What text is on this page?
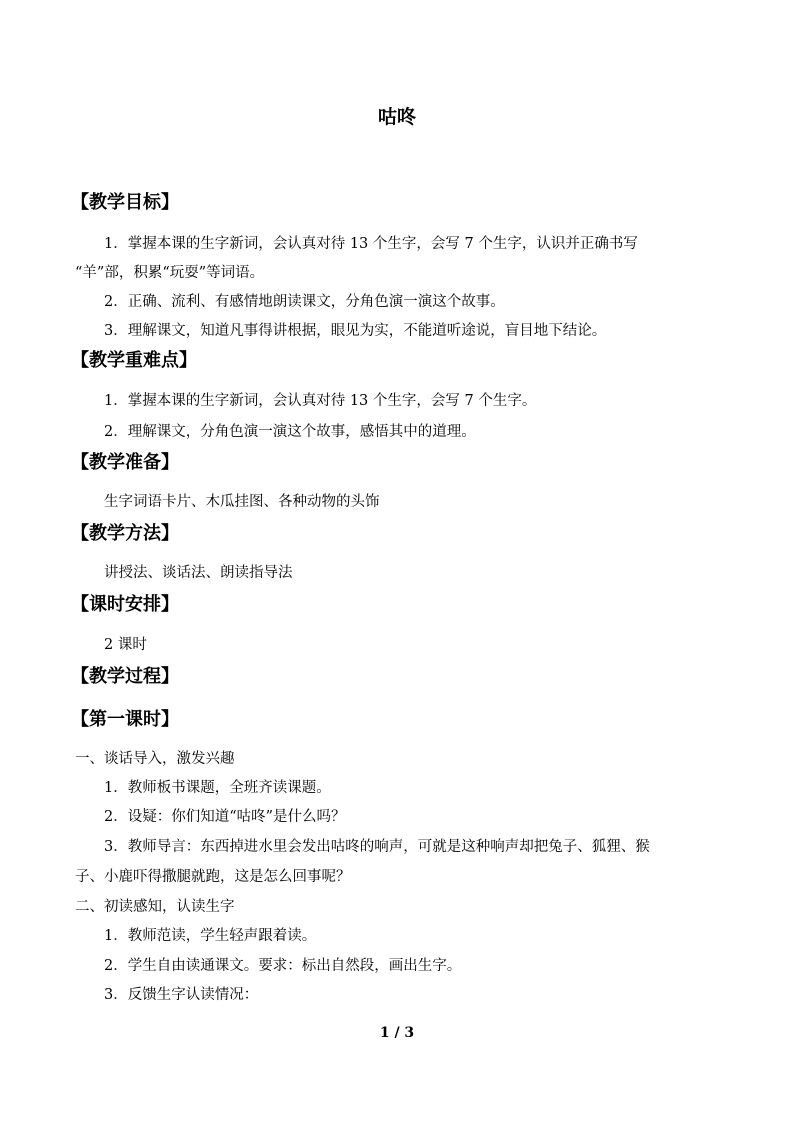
咕咚
【教学目标】
1．掌握本课的生字新词，会认真对待 13 个生字，会写 7 个生字，认识并正确书写
“羊”部，积累“玩耍”等词语。
2．正确、流利、有感情地朗读课文，分角色演一演这个故事。
3．理解课文，知道凡事得讲根据，眼见为实，不能道听途说，盲目地下结论。
【教学重难点】
1．掌握本课的生字新词，会认真对待 13 个生字，会写 7 个生字。
2．理解课文，分角色演一演这个故事，感悟其中的道理。
【教学准备】
生字词语卡片、木瓜挂图、各种动物的头饰
【教学方法】
讲授法、谈话法、朗读指导法
【课时安排】
2 课时
【教学过程】
【第一课时】
一、谈话导入，激发兴趣
1．教师板书课题，全班齐读课题。
2．设疑：你们知道“咕咚”是什么吗？
3．教师导言：东西掉进水里会发出咕咚的响声，可就是这种响声却把兔子、狐狸、猴
子、小鹿吓得撒腿就跑，这是怎么回事呢？
二、初读感知，认读生字
1．教师范读，学生轻声跟着读。
2．学生自由读通课文。要求：标出自然段，画出生字。
3．反馈生字认读情况：
1 / 3
